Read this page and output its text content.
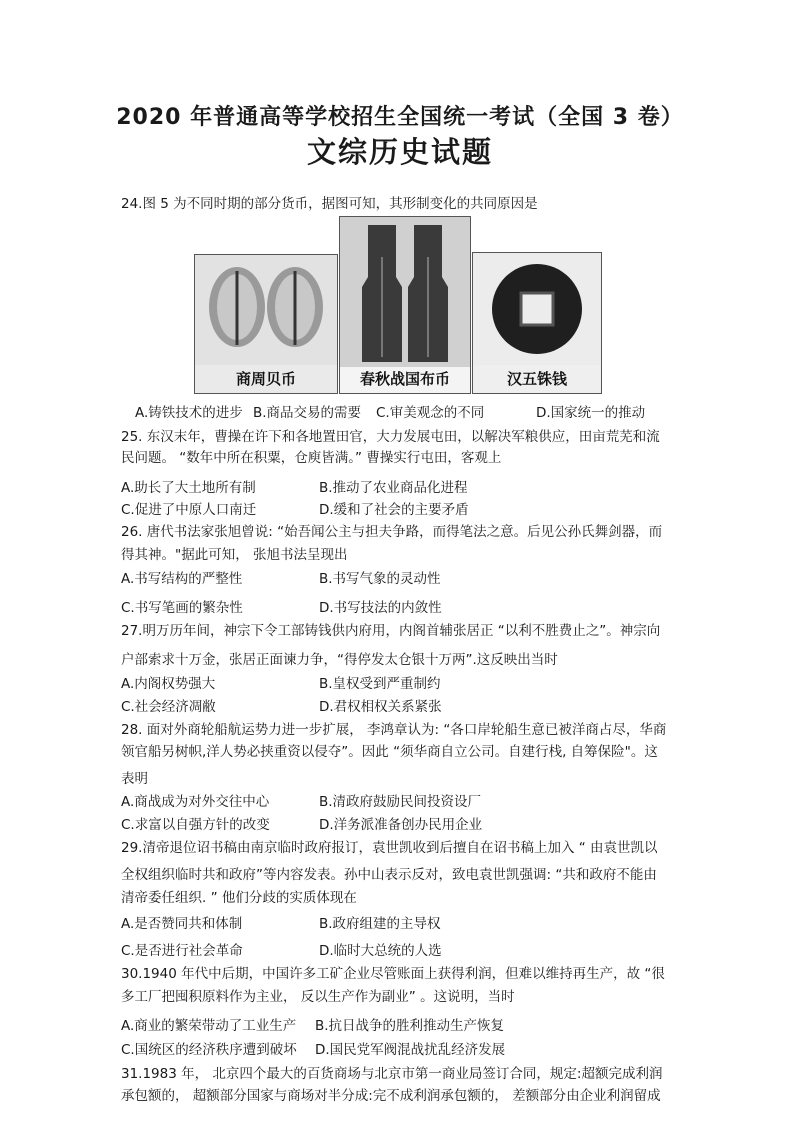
2020 年普通高等学校招生全国统一考试（全国 3 卷）
文综历史试题
24.图 5 为不同时期的部分货币，据图可知，其形制变化的共同原因是
商周贝币	春秋战国布币	汉五铢钱
A.铸铁技术的进步 B.商品交易的需要 C.审美观念的不同	D.国家统一的推动
25. 东汉末年，曹操在许下和各地置田官，大力发展屯田，以解决军粮供应，田亩荒芜和流
民问题。 “数年中所在积粟，仓庾皆满。” 曹操实行屯田，客观上
A.助长了大土地所有制	B.推动了农业商品化进程
C.促进了中原人口南迁	D.缓和了社会的主要矛盾
26. 唐代书法家张旭曾说: “始吾闻公主与担夫争路，而得笔法之意。后见公孙氏舞剑器，而
得其神。"据此可知， 张旭书法呈现出
A.书写结构的严整性	B.书写气象的灵动性
C.书写笔画的繁杂性	D.书写技法的内敛性
27.明万历年间，神宗下令工部铸钱供内府用，内阁首辅张居正 “以利不胜费止之”。神宗向
户部索求十万金，张居正面谏力争，“得停发太仓银十万两”.这反映出当时
A.内阁权势强大	B.皇权受到严重制约
C.社会经济凋敝	D.君权相权关系紧张
28. 面对外商轮船航运势力进一步扩展， 李鸿章认为: “各口岸轮船生意已被洋商占尽，华商
领官船另树帜,洋人势必挟重资以侵夺”。因此 “须华商自立公司。自建行栈, 自筹保险"。这
表明
A.商战成为对外交往中心	B.清政府鼓励民间投资设厂
C.求富以自强方针的改变	D.洋务派准备创办民用企业
29.清帝退位诏书稿由南京临时政府报订，袁世凯收到后擅自在诏书稿上加入 “ 由袁世凯以
全权组织临时共和政府”等内容发表。孙中山表示反对，致电袁世凯强调: “共和政府不能由
清帝委任组织. ” 他们分歧的实质体现在
A.是否赞同共和体制	B.政府组建的主导权
C.是否进行社会革命	D.临时大总统的人选
30.1940 年代中后期，中国许多工矿企业尽管账面上获得利润，但难以维持再生产，故 “很
多工厂把囤积原料作为主业， 反以生产作为副业” 。这说明，当时
A.商业的繁荣带动了工业生产 B.抗日战争的胜利推动生产恢复
C.国统区的经济秩序遭到破坏 D.国民党军阀混战扰乱经济发展
31.1983 年， 北京四个最大的百货商场与北京市第一商业局签订合同，规定:超额完成利润
承包额的， 超额部分国家与商场对半分成:完不成利润承包额的， 差额部分由企业利润留成
